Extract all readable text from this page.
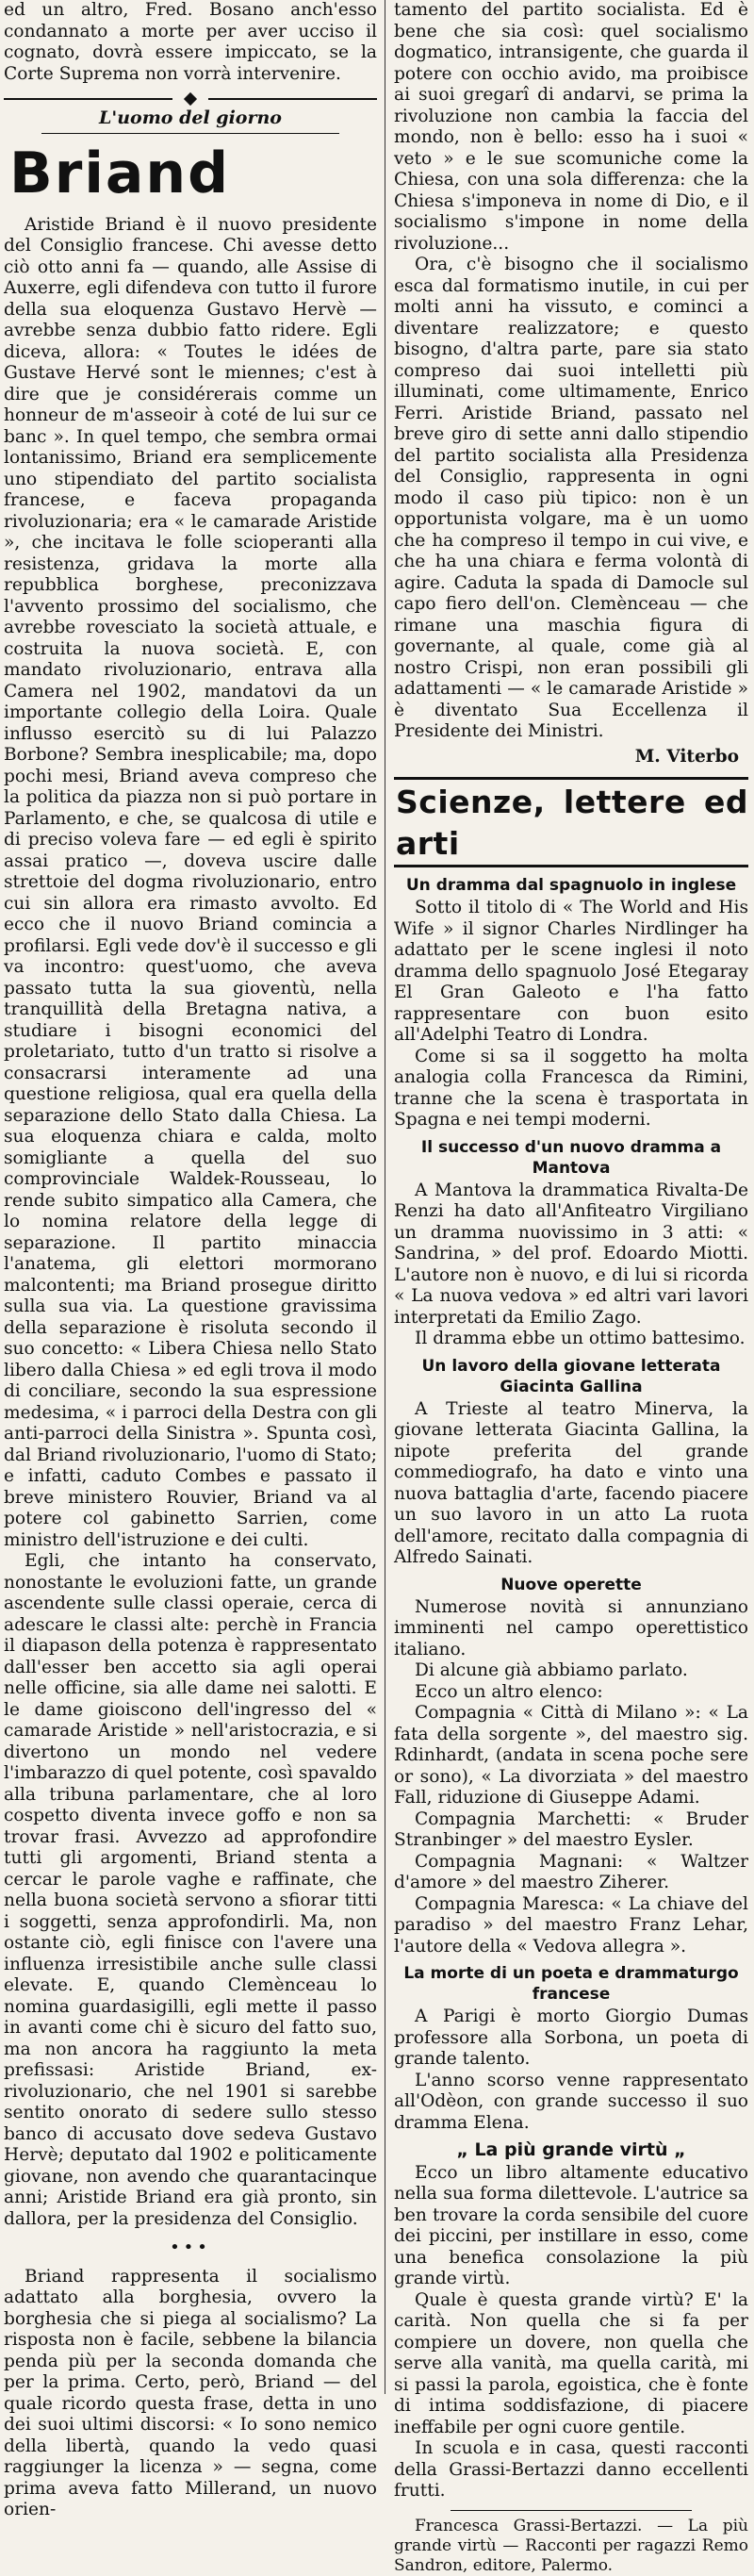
ed un altro, Fred. Bosano anch'esso condannato a morte per aver ucciso il cognato, dovrà essere impiccato, se la Corte Suprema non vorrà intervenire.

L'uomo del giorno
Briand

Aristide Briand è il nuovo presidente del Consiglio francese. Chi avesse detto ciò otto anni fa — quando, alle Assise di Auxerre, egli difendeva con tutto il furore della sua eloquenza Gustavo Hervè — avrebbe senza dubbio fatto ridere. Egli diceva, allora: « Toutes le idées de Gustave Hervé sont le miennes; c'est à dire que je considérerais comme un honneur de m'asseoir à coté de lui sur ce banc ». In quel tempo, che sembra ormai lontanissimo, Briand era semplicemente uno stipendiato del partito socialista francese, e faceva propaganda rivoluzionaria; era « le camarade Aristide », che incitava le folle scioperanti alla resistenza, gridava la morte alla repubblica borghese, preconizzava l'avvento prossimo del socialismo, che avrebbe rovesciato la società attuale, e costruita la nuova società. E, con mandato rivoluzionario, entrava alla Camera nel 1902, mandatovi da un importante collegio della Loira. Quale influsso esercitò su di lui Palazzo Borbone? Sembra inesplicabile; ma, dopo pochi mesi, Briand aveva compreso che la politica da piazza non si può portare in Parlamento, e che, se qualcosa di utile e di preciso voleva fare — ed egli è spirito assai pratico —, doveva uscire dalle strettoie del dogma rivoluzionario, entro cui sin allora era rimasto avvolto. Ed ecco che il nuovo Briand comincia a profilarsi. Egli vede dov'è il successo e gli va incontro: quest'uomo, che aveva passato tutta la sua gioventù, nella tranquillità della Bretagna nativa, a studiare i bisogni economici del proletariato, tutto d'un tratto si risolve a consacrarsi interamente ad una questione religiosa, qual era quella della separazione dello Stato dalla Chiesa. La sua eloquenza chiara e calda, molto somigliante a quella del suo comprovinciale Waldek-Rousseau, lo rende subito simpatico alla Camera, che lo nomina relatore della legge di separazione. Il partito minaccia l'anatema, gli elettori mormorano malcontenti; ma Briand prosegue diritto sulla sua via. La questione gravissima della separazione è risoluta secondo il suo concetto: « Libera Chiesa nello Stato libero dalla Chiesa » ed egli trova il modo di conciliare, secondo la sua espressione medesima, « i parroci della Destra con gli anti-parroci della Sinistra ». Spunta così, dal Briand rivoluzionario, l'uomo di Stato; e infatti, caduto Combes e passato il breve ministero Rouvier, Briand va al potere col gabinetto Sarrien, come ministro dell'istruzione e dei culti.

Egli, che intanto ha conservato, nonostante le evoluzioni fatte, un grande ascendente sulle classi operaie, cerca di adescare le classi alte: perchè in Francia il diapason della potenza è rappresentato dall'esser ben accetto sia agli operai nelle officine, sia alle dame nei salotti. E le dame gioiscono dell'ingresso del « camarade Aristide » nell'aristocrazia, e si divertono un mondo nel vedere l'imbarazzo di quel potente, così spavaldo alla tribuna parlamentare, che al loro cospetto diventa invece goffo e non sa trovar frasi. Avvezzo ad approfondire tutti gli argomenti, Briand stenta a cercar le parole vaghe e raffinate, che nella buona società servono a sfiorar titti i soggetti, senza approfondirli. Ma, non ostante ciò, egli finisce con l'avere una influenza irresistibile anche sulle classi elevate. E, quando Clemènceau lo nomina guardasigilli, egli mette il passo in avanti come chi è sicuro del fatto suo, ma non ancora ha raggiunto la meta prefissasi: Aristide Briand, ex-rivoluzionario, che nel 1901 si sarebbe sentito onorato di sedere sullo stesso banco di accusato dove sedeva Gustavo Hervè; deputato dal 1902 e politicamente giovane, non avendo che quarantacinque anni; Aristide Briand era già pronto, sin dallora, per la presidenza del Consiglio.

•••

Briand rappresenta il socialismo adattato alla borghesia, ovvero la borghesia che si piega al socialismo? La risposta non è facile, sebbene la bilancia penda più per la seconda domanda che per la prima. Certo, però, Briand — del quale ricordo questa frase, detta in uno dei suoi ultimi discorsi: « Io sono nemico della libertà, quando la vedo quasi raggiunger la licenza » — segna, come prima aveva fatto Millerand, un nuovo orien-

tamento del partito socialista. Ed è bene che sia così: quel socialismo dogmatico, intransigente, che guarda il potere con occhio avido, ma proibisce ai suoi gregarî di andarvi, se prima la rivoluzione non cambia la faccia del mondo, non è bello: esso ha i suoi « veto » e le sue scomuniche come la Chiesa, con una sola differenza: che la Chiesa s'imponeva in nome di Dio, e il socialismo s'impone in nome della rivoluzione...

Ora, c'è bisogno che il socialismo esca dal formatismo inutile, in cui per molti anni ha vissuto, e cominci a diventare realizzatore; e questo bisogno, d'altra parte, pare sia stato compreso dai suoi intelletti più illuminati, come ultimamente, Enrico Ferri. Aristide Briand, passato nel breve giro di sette anni dallo stipendio del partito socialista alla Presidenza del Consiglio, rappresenta in ogni modo il caso più tipico: non è un opportunista volgare, ma è un uomo che ha compreso il tempo in cui vive, e che ha una chiara e ferma volontà di agire. Caduta la spada di Damocle sul capo fiero dell'on. Clemènceau — che rimane una maschia figura di governante, al quale, come già al nostro Crispi, non eran possibili gli adattamenti — « le camarade Aristide » è diventato Sua Eccellenza il Presidente dei Ministri.

M. Viterbo
Scienze, lettere ed arti
Un dramma dal spagnuolo in inglese

Sotto il titolo di « The World and His Wife » il signor Charles Nirdlinger ha adattato per le scene inglesi il noto dramma dello spagnuolo José Etegaray El Gran Galeoto e l'ha fatto rappresentare con buon esito all'Adelphi Teatro di Londra.

Come si sa il soggetto ha molta analogia colla Francesca da Rimini, tranne che la scena è trasportata in Spagna e nei tempi moderni.

Il successo d'un nuovo dramma a Mantova

A Mantova la drammatica Rivalta-De Renzi ha dato all'Anfiteatro Virgiliano un dramma nuovissimo in 3 atti: « Sandrina, » del prof. Edoardo Miotti. L'autore non è nuovo, e di lui si ricorda « La nuova vedova » ed altri vari lavori interpretati da Emilio Zago.

Il dramma ebbe un ottimo battesimo.

Un lavoro della giovane letterata Giacinta Gallina

A Trieste al teatro Minerva, la giovane letterata Giacinta Gallina, la nipote preferita del grande commediografo, ha dato e vinto una nuova battaglia d'arte, facendo piacere un suo lavoro in un atto La ruota dell'amore, recitato dalla compagnia di Alfredo Sainati.

Nuove operette

Numerose novità si annunziano imminenti nel campo operettistico italiano.

Di alcune già abbiamo parlato.

Ecco un altro elenco:

Compagnia « Città di Milano »: « La fata della sorgente », del maestro sig. Rdinhardt, (andata in scena poche sere or sono), « La divorziata » del maestro Fall, riduzione di Giuseppe Adami.

Compagnia Marchetti: « Bruder Stranbinger » del maestro Eysler.

Compagnia Magnani: « Waltzer d'amore » del maestro Ziherer.

Compagnia Maresca: « La chiave del paradiso » del maestro Franz Lehar, l'autore della « Vedova allegra ».

La morte di un poeta e drammaturgo francese

A Parigi è morto Giorgio Dumas professore alla Sorbona, un poeta di grande talento.

L'anno scorso venne rappresentato all'Odèon, con grande successo il suo dramma Elena.

„ La più grande virtù „

Ecco un libro altamente educativo nella sua forma dilettevole. L'autrice sa ben trovare la corda sensibile del cuore dei piccini, per instillare in esso, come una benefica consolazione la più grande virtù.

Quale è questa grande virtù? E' la carità. Non quella che si fa per compiere un dovere, non quella che serve alla vanità, ma quella carità, mi si passi la parola, egoistica, che è fonte di intima soddisfazione, di piacere ineffabile per ogni cuore gentile.

In scuola e in casa, questi racconti della Grassi-Bertazzi danno eccellenti frutti.

Francesca Grassi-Bertazzi. — La più grande virtù — Racconti per ragazzi Remo Sandron, editore, Palermo.
